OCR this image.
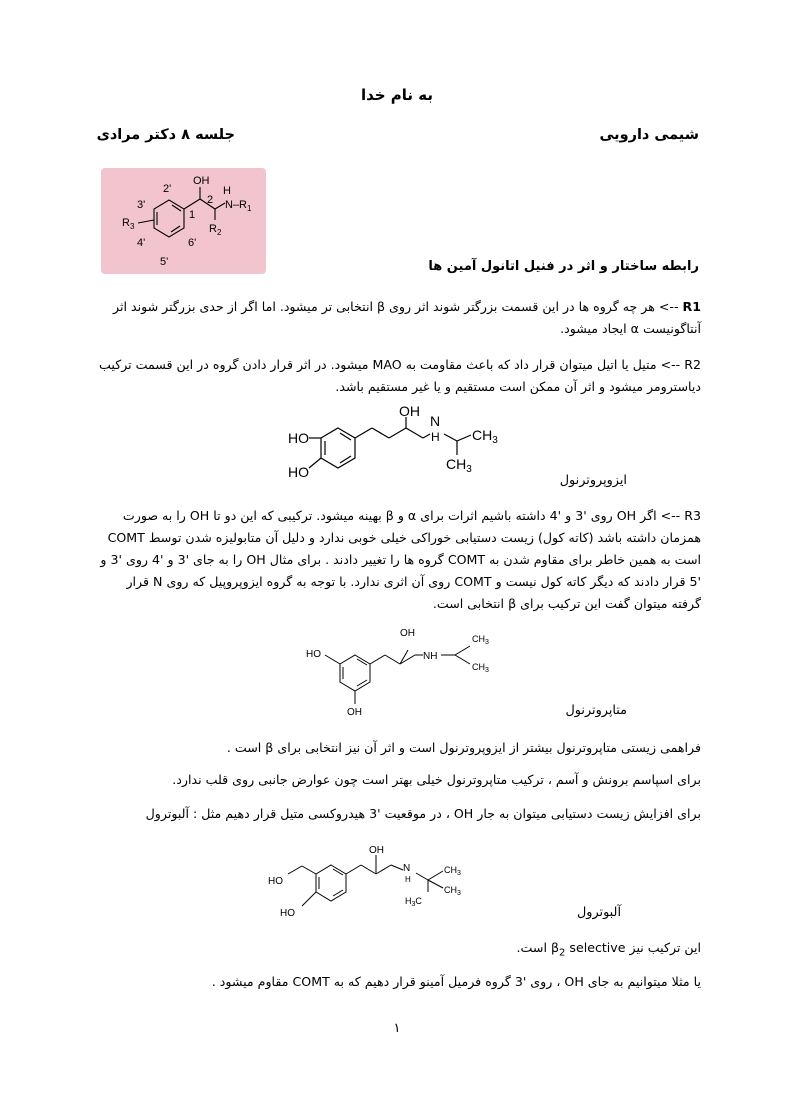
به نام خدا
شیمی دارویی
جلسه ۸ دکتر مرادی
OH
H
$N-R_1$
$R_2$
$R_3$
1
2
2'
3'
4'
5'
6'
رابطه ساختار و اثر در فنیل اتانول آمین ها
R1 --> هر چه گروه ها در این قسمت بزرگتر شوند اثر روی β انتخابی تر میشود. اما اگر از حدی بزرگتر شوند اثر آنتاگونیست α ایجاد میشود.
R2 --> متیل یا اتیل میتوان قرار داد که باعث مقاومت به MAO میشود. در اثر قرار دادن گروه در این قسمت ترکیب دیاسترومر میشود و اثر آن ممکن است مستقیم و یا غیر مستقیم باشد.
HO
HO
OH
N
H $CH_3$
$CH_3$
ایزوپروترنول
R3 --> اگر OH روی '3 و '4 داشته باشیم اثرات برای α و β بهینه میشود. ترکیبی که این دو تا OH را به صورت همزمان داشته باشد (کاته کول) زیست دستیابی خوراکی خیلی خوبی ندارد و دلیل آن متابولیزه شدن توسط COMT است به همین خاطر برای مقاوم شدن به COMT گروه ها را تغییر دادند . برای مثال OH را به جای '3 و '4 روی '3 و '5 قرار دادند که دیگر کاته کول نیست و COMT روی آن اثری ندارد. با توجه به گروه ایزوپروپیل که روی N قرار گرفته میتوان گفت این ترکیب برای β انتخابی است.
HO
OH
OH
NH
$CH_3$
$CH_3$
متاپروترنول
فراهمی زیستی متاپروترنول بیشتر از ایزوپروترنول است و اثر آن نیز انتخابی برای β است .
برای اسپاسم برونش و آسم ، ترکیب متاپروترنول خیلی بهتر است چون عوارض جانبی روی قلب ندارد.
برای افزایش زیست دستیابی میتوان به جار OH ، در موقعیت '3 هیدروکسی متیل قرار دهیم مثل : آلبوترول
HO
HO
OH
N
H
$CH_3$
$CH_3$
$H_3C$
آلبوترول
این ترکیب نیز $\beta_2$ selective است.
یا مثلا میتوانیم به جای OH ، روی '3 گروه فرمیل آمینو قرار دهیم که به COMT مقاوم میشود .
۱
